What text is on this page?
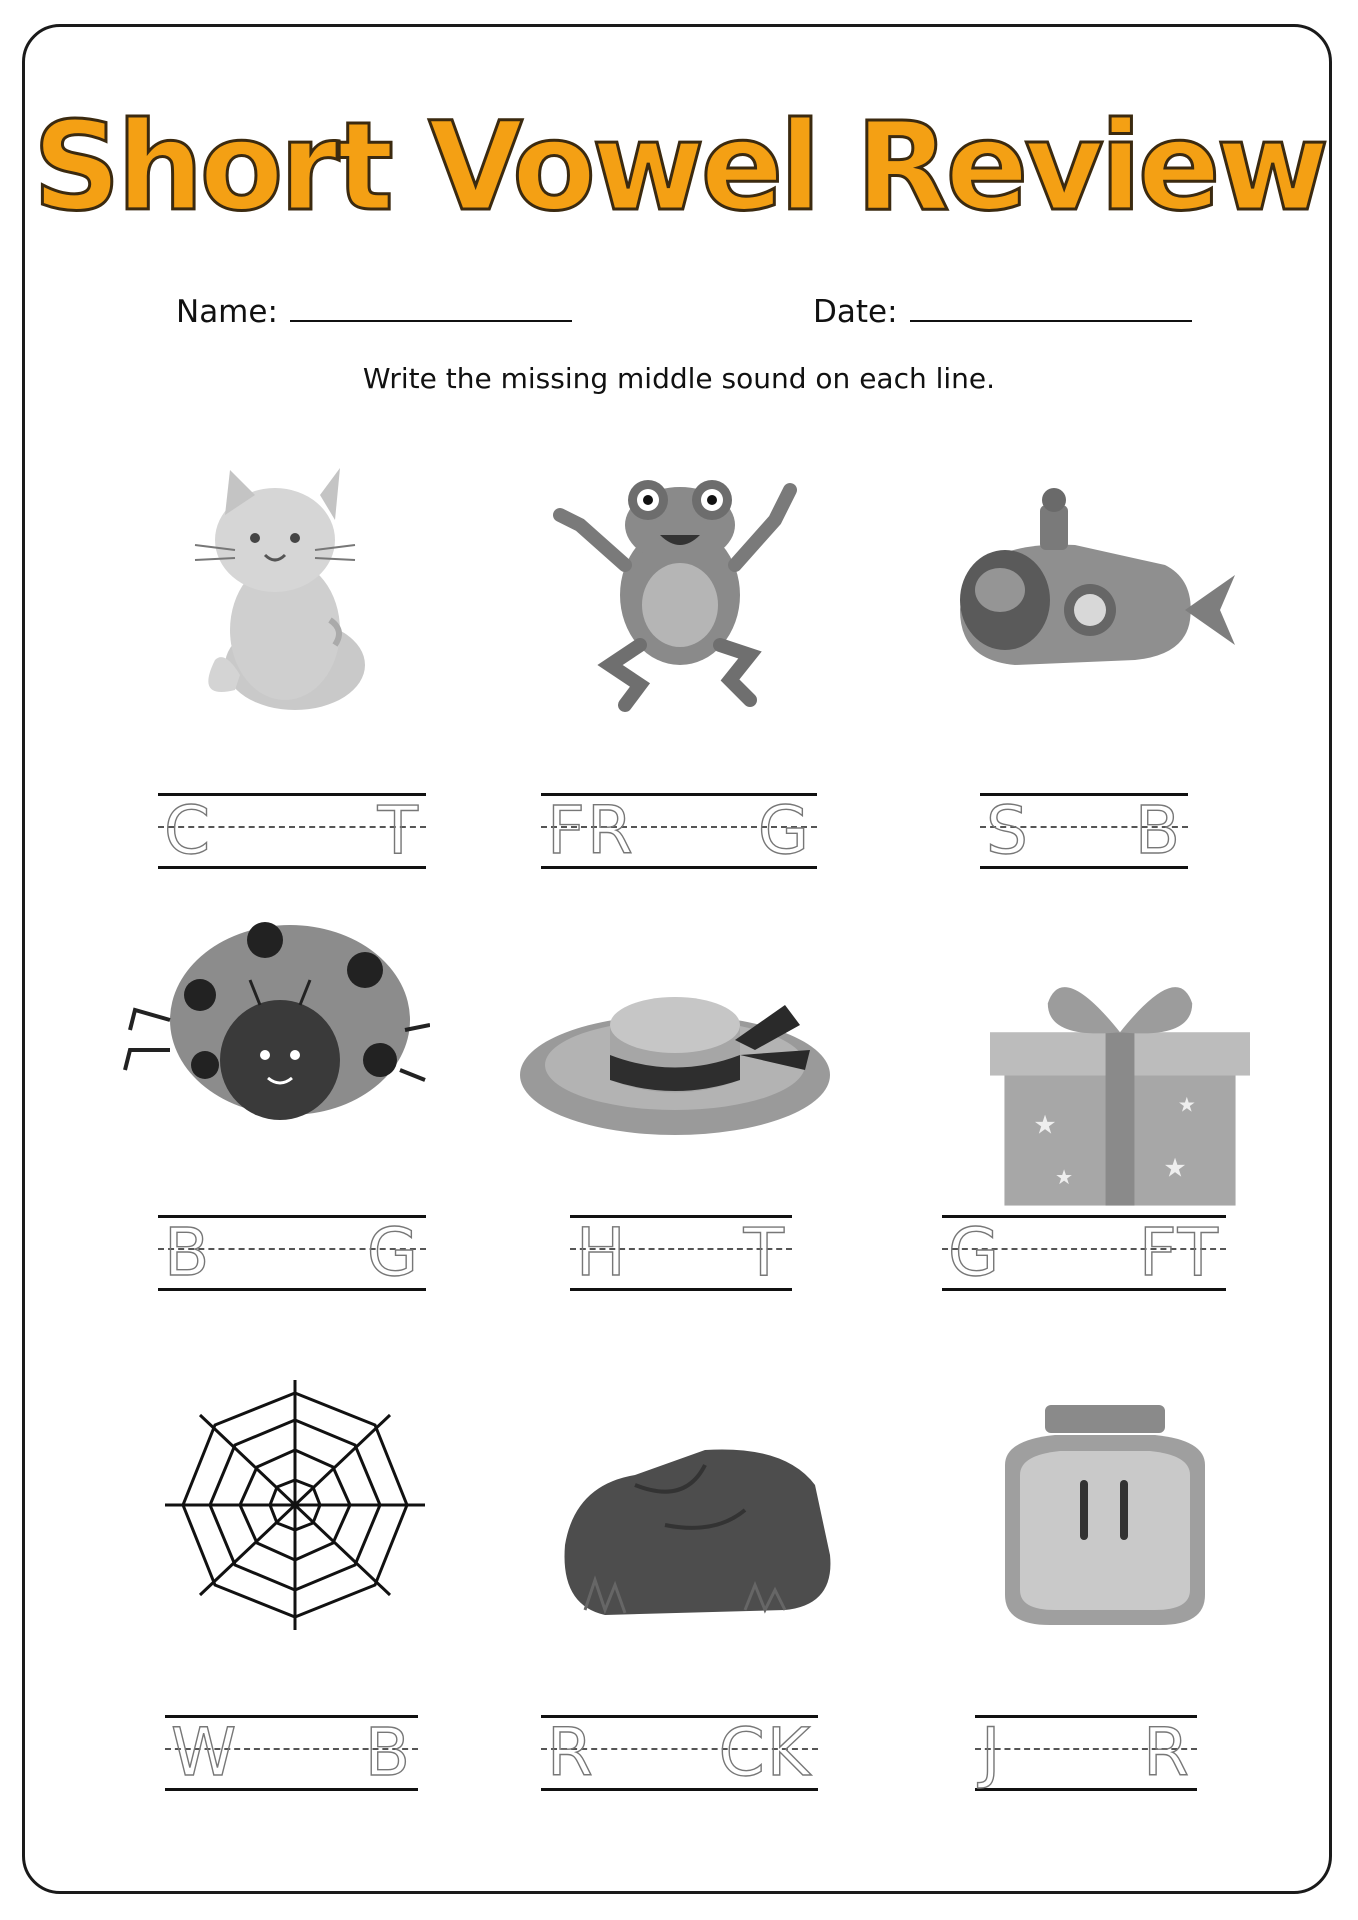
Short Vowel Review
Name:	Date:
Write the missing middle sound on each line.
★
★
★
★
C	T FR G	S B
B G H T G FT
W B R CK	J R
